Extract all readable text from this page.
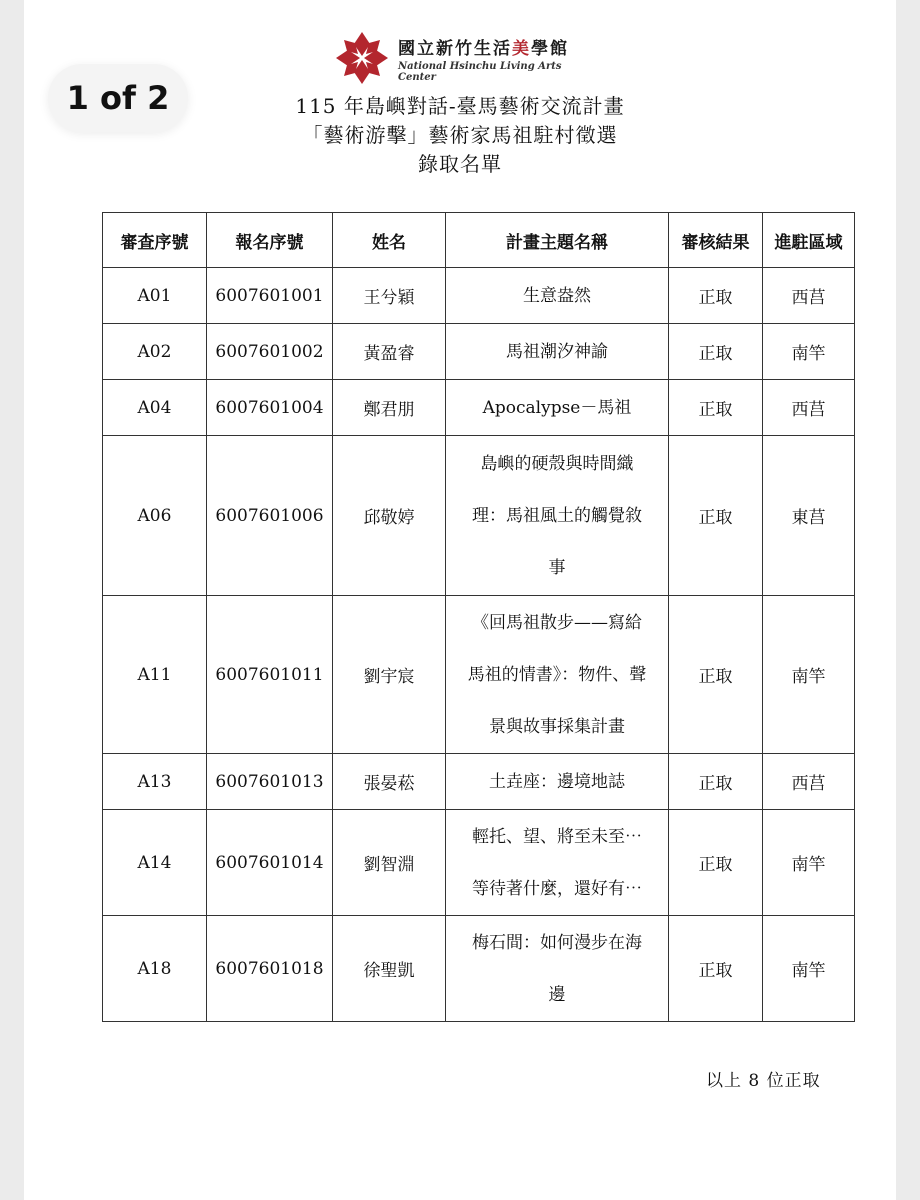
1 of 2
國立新竹生活美學館
National Hsinchu Living Arts Center
115 年島嶼對話-臺馬藝術交流計畫
「藝術游擊」藝術家馬祖駐村徵選
錄取名單
審查序號	報名序號	姓名	計畫主題名稱	審核結果	進駐區域
A01	6007601001	王兮穎	生意盎然	正取	西莒
A02	6007601002	黃盈睿	馬祖潮汐神諭	正取	南竿
A04	6007601004	鄭君朋	Apocalypse－馬祖	正取	西莒
A06	6007601006	邱敬婷	島嶼的硬殼與時間織
理：馬祖風土的觸覺敘
事	正取	東莒
A11	6007601011	劉宇宸	《回馬祖散步——寫給
馬祖的情書》：物件、聲
景與故事採集計畫	正取	南竿
A13	6007601013	張晏菘	土垚座：邊境地誌	正取	西莒
A14	6007601014	劉智淵	輕托、望、將至未至⋯
等待著什麼，還好有⋯	正取	南竿
A18	6007601018	徐聖凱	梅石間：如何漫步在海
邊	正取	南竿
以上 8 位正取
